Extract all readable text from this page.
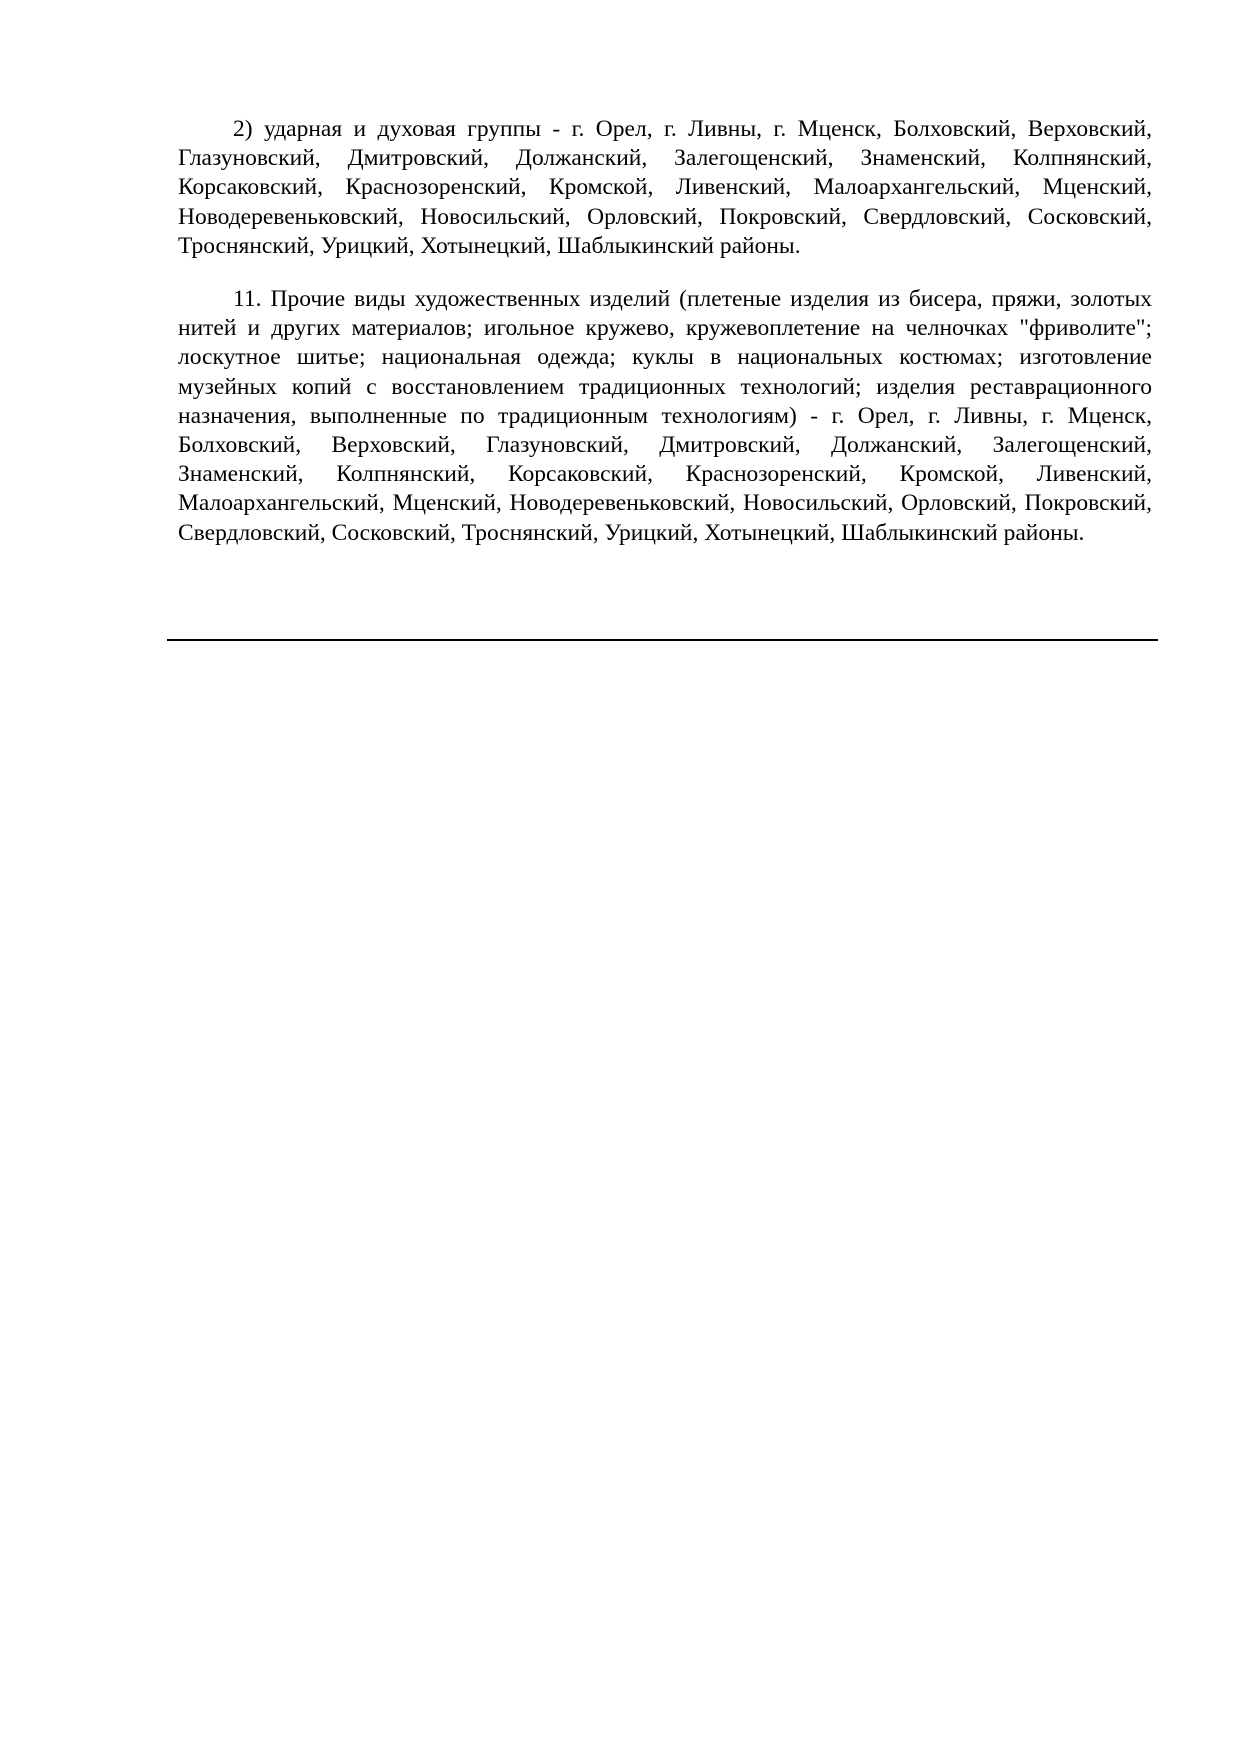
2) ударная и духовая группы - г. Орел, г. Ливны, г. Мценск, Болховский, Верховский, Глазуновский, Дмитровский, Должанский, Залегощенский, Знаменский, Колпнянский, Корсаковский, Краснозоренский, Кромской, Ливенский, Малоархангельский, Мценский, Новодеревеньковский, Новосильский, Орловский, Покровский, Свердловский, Сосковский, Троснянский, Урицкий, Хотынецкий, Шаблыкинский районы.

11. Прочие виды художественных изделий (плетеные изделия из бисера, пряжи, золотых нитей и других материалов; игольное кружево, кружевоплетение на челночках "фриволите"; лоскутное шитье; национальная одежда; куклы в национальных костюмах; изготовление музейных копий с восстановлением традиционных технологий; изделия реставрационного назначения, выполненные по традиционным технологиям) - г. Орел, г. Ливны, г. Мценск, Болховский, Верховский, Глазуновский, Дмитровский, Должанский, Залегощенский, Знаменский, Колпнянский, Корсаковский, Краснозоренский, Кромской, Ливенский, Малоархангельский, Мценский, Новодеревеньковский, Новосильский, Орловский, Покровский, Свердловский, Сосковский, Троснянский, Урицкий, Хотынецкий, Шаблыкинский районы.
